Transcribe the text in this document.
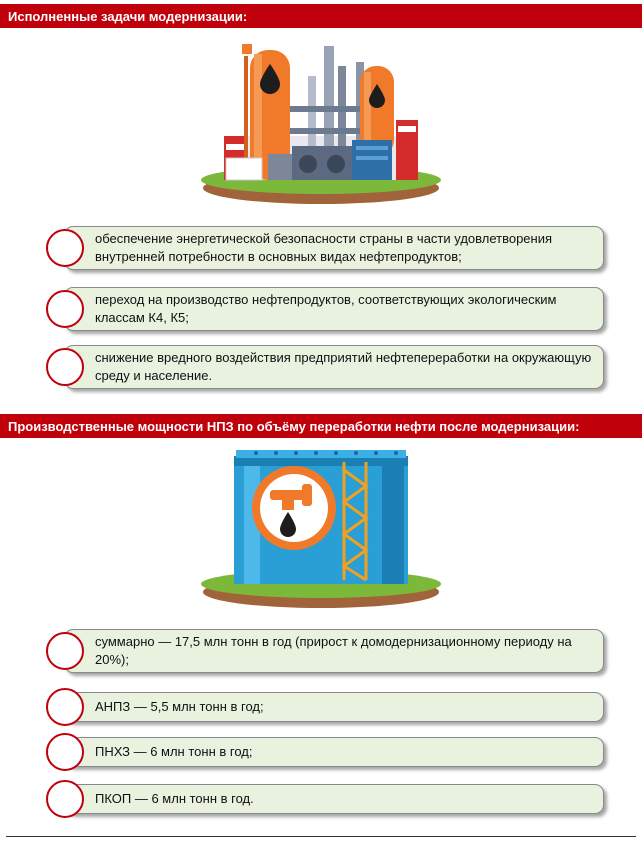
Исполненные задачи модернизации:
обеспечение энергетической безопасности страны в части удовлетворения внутренней потребности в основных видах нефтепродуктов;
переход на производство нефтепродуктов, соответствующих экологическим классам К4, К5;
снижение вредного воздействия предприятий нефтепереработки на окружающую среду и население.
Производственные мощности НПЗ по объёму переработки нефти после модернизации:
суммарно — 17,5 млн тонн в год (прирост к домодернизационному периоду на 20%);
АНПЗ — 5,5 млн тонн в год;
ПНХЗ — 6 млн тонн в год;
ПКОП — 6 млн тонн в год.
